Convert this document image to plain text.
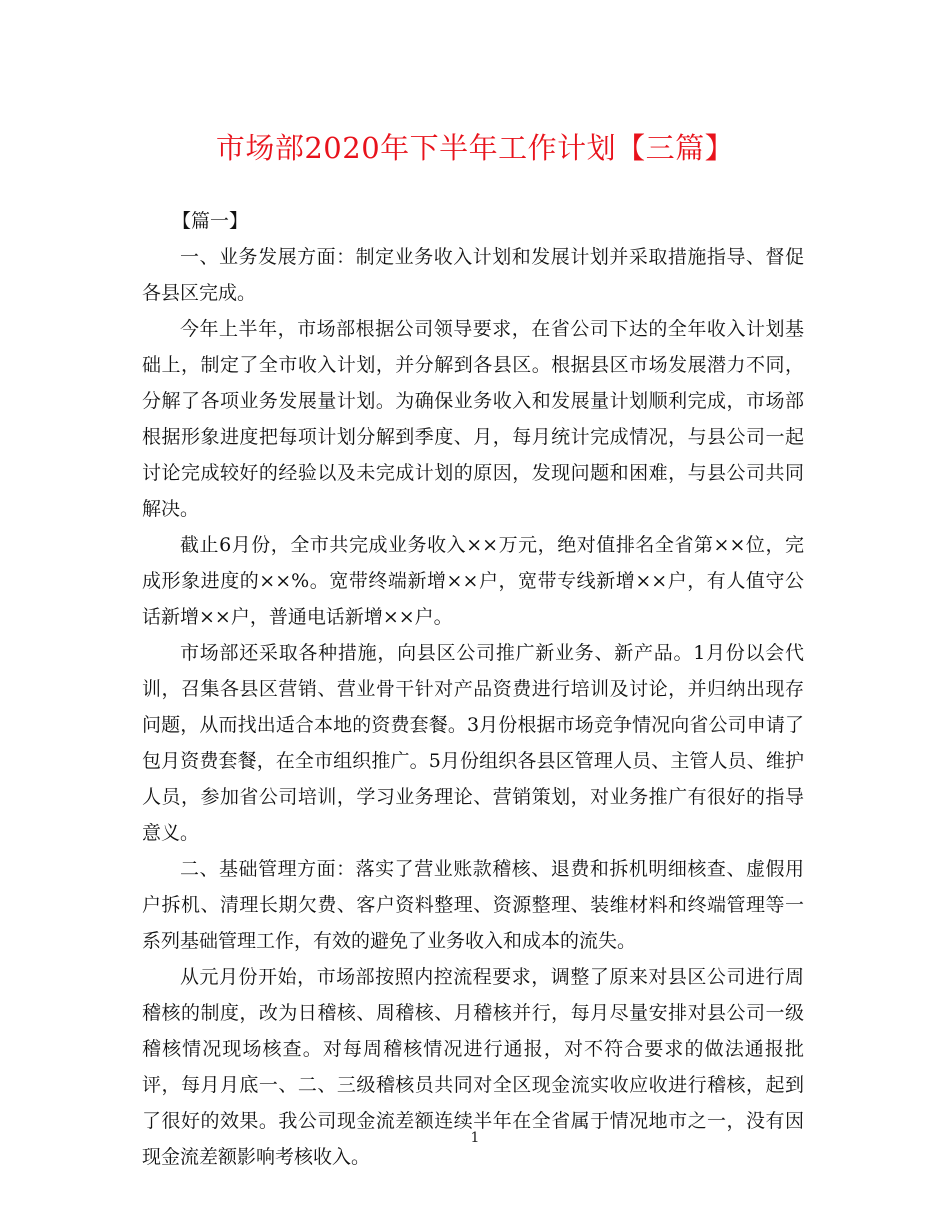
市场部2020年下半年工作计划【三篇】

【篇一】

一、业务发展方面：制定业务收入计划和发展计划并采取措施指导、督促各县区完成。

今年上半年，市场部根据公司领导要求，在省公司下达的全年收入计划基础上，制定了全市收入计划，并分解到各县区。根据县区市场发展潜力不同，分解了各项业务发展量计划。为确保业务收入和发展量计划顺利完成，市场部根据形象进度把每项计划分解到季度、月，每月统计完成情况，与县公司一起讨论完成较好的经验以及未完成计划的原因，发现问题和困难，与县公司共同解决。

截止6月份，全市共完成业务收入××万元，绝对值排名全省第××位，完成形象进度的××%。宽带终端新增××户，宽带专线新增××户，有人值守公话新增××户，普通电话新增××户。

市场部还采取各种措施，向县区公司推广新业务、新产品。1月份以会代训，召集各县区营销、营业骨干针对产品资费进行培训及讨论，并归纳出现存问题，从而找出适合本地的资费套餐。3月份根据市场竞争情况向省公司申请了包月资费套餐，在全市组织推广。5月份组织各县区管理人员、主管人员、维护人员，参加省公司培训，学习业务理论、营销策划，对业务推广有很好的指导意义。

二、基础管理方面：落实了营业账款稽核、退费和拆机明细核查、虚假用户拆机、清理长期欠费、客户资料整理、资源整理、装维材料和终端管理等一系列基础管理工作，有效的避免了业务收入和成本的流失。

从元月份开始，市场部按照内控流程要求，调整了原来对县区公司进行周稽核的制度，改为日稽核、周稽核、月稽核并行，每月尽量安排对县公司一级稽核情况现场核查。对每周稽核情况进行通报，对不符合要求的做法通报批评，每月月底一、二、三级稽核员共同对全区现金流实收应收进行稽核，起到了很好的效果。我公司现金流差额连续半年在全省属于情况地市之一，没有因现金流差额影响考核收入。

1
